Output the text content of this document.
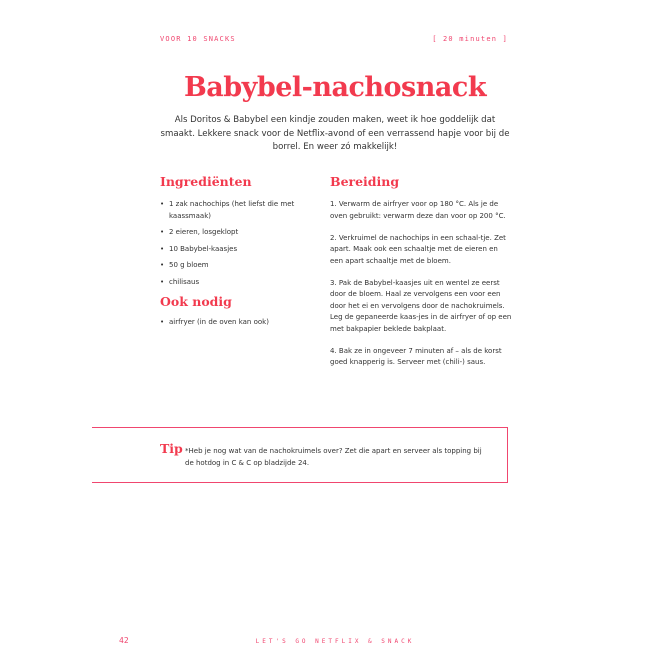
VOOR 10 SNACKS	[ 20 minuten ]
Babybel-nachosnack
Als Doritos & Babybel een kindje zouden maken, weet ik hoe goddelijk dat smaakt. Lekkere snack voor de Netflix-avond of een verrassend hapje voor bij de borrel. En weer zó makkelijk!
Ingrediënten
• 1 zak nachochips (het liefst die met kaassmaak)
• 2 eieren, losgeklopt
• 10 Babybel-kaasjes
• 50 g bloem
• chilisaus
Ook nodig
• airfryer (in de oven kan ook)
Bereiding

1. Verwarm de airfryer voor op 180 °C. Als je de oven gebruikt: verwarm deze dan voor op 200 °C.

2. Verkruimel de nachochips in een schaal-tje. Zet apart. Maak ook een schaaltje met de eieren en een apart schaaltje met de bloem.

3. Pak de Babybel-kaasjes uit en wentel ze eerst door de bloem. Haal ze vervolgens een voor een door het ei en vervolgens door de nachokruimels. Leg de gepaneerde kaas-jes in de airfryer of op een met bakpapier beklede bakplaat.

4. Bak ze in ongeveer 7 minuten af – als de korst goed knapperig is. Serveer met (chili-) saus.

Tip *Heb je nog wat van de nachokruimels over? Zet die apart en serveer als topping bij de hotdog in C & C op bladzijde 24.
42	LET'S GO NETFLIX & SNACK
